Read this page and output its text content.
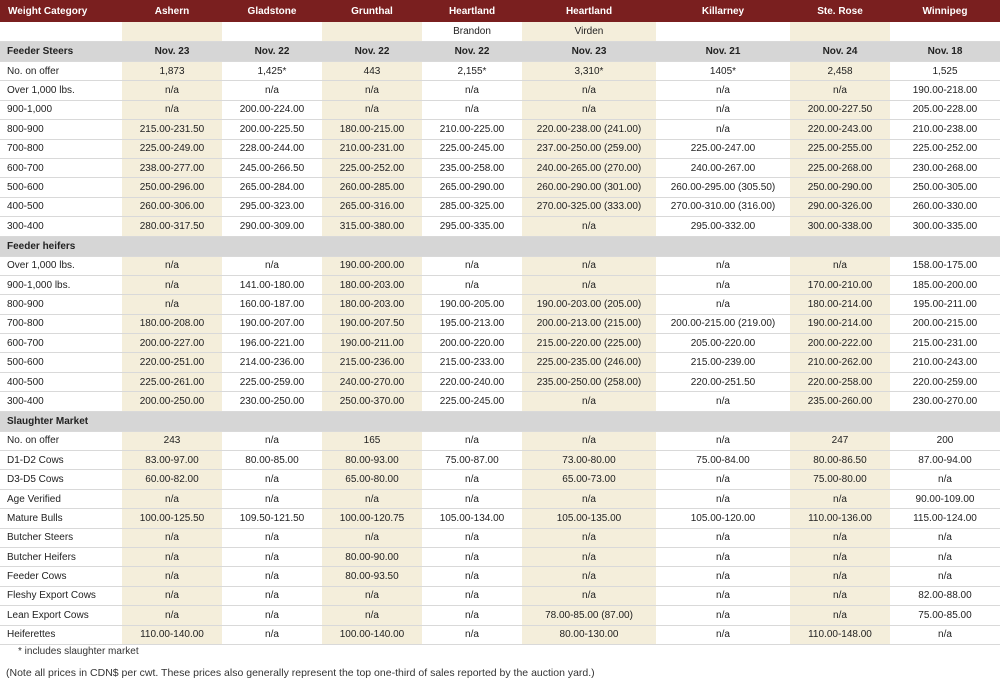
Weight Category	Ashern	Gladstone	Grunthal	Heartland	Heartland	Killarney	Ste. Rose	Winnipeg
				Brandon	Virden			
Feeder Steers	Nov. 23	Nov. 22	Nov. 22	Nov. 22	Nov. 23	Nov. 21	Nov. 24	Nov. 18
No. on offer	1,873	1,425*	443	2,155*	3,310*	1405*	2,458	1,525
Over 1,000 lbs.	n/a	n/a	n/a	n/a	n/a	n/a	n/a	190.00-218.00
900-1,000	n/a	200.00-224.00	n/a	n/a	n/a	n/a	200.00-227.50	205.00-228.00
800-900	215.00-231.50	200.00-225.50	180.00-215.00	210.00-225.00	220.00-238.00 (241.00)	n/a	220.00-243.00	210.00-238.00
700-800	225.00-249.00	228.00-244.00	210.00-231.00	225.00-245.00	237.00-250.00 (259.00)	225.00-247.00	225.00-255.00	225.00-252.00
600-700	238.00-277.00	245.00-266.50	225.00-252.00	235.00-258.00	240.00-265.00 (270.00)	240.00-267.00	225.00-268.00	230.00-268.00
500-600	250.00-296.00	265.00-284.00	260.00-285.00	265.00-290.00	260.00-290.00 (301.00)	260.00-295.00 (305.50)	250.00-290.00	250.00-305.00
400-500	260.00-306.00	295.00-323.00	265.00-316.00	285.00-325.00	270.00-325.00 (333.00)	270.00-310.00 (316.00)	290.00-326.00	260.00-330.00
300-400	280.00-317.50	290.00-309.00	315.00-380.00	295.00-335.00	n/a	295.00-332.00	300.00-338.00	300.00-335.00
Feeder heifers								
Over 1,000 lbs.	n/a	n/a	190.00-200.00	n/a	n/a	n/a	n/a	158.00-175.00
900-1,000 lbs.	n/a	141.00-180.00	180.00-203.00	n/a	n/a	n/a	170.00-210.00	185.00-200.00
800-900	n/a	160.00-187.00	180.00-203.00	190.00-205.00	190.00-203.00 (205.00)	n/a	180.00-214.00	195.00-211.00
700-800	180.00-208.00	190.00-207.00	190.00-207.50	195.00-213.00	200.00-213.00 (215.00)	200.00-215.00 (219.00)	190.00-214.00	200.00-215.00
600-700	200.00-227.00	196.00-221.00	190.00-211.00	200.00-220.00	215.00-220.00 (225.00)	205.00-220.00	200.00-222.00	215.00-231.00
500-600	220.00-251.00	214.00-236.00	215.00-236.00	215.00-233.00	225.00-235.00 (246.00)	215.00-239.00	210.00-262.00	210.00-243.00
400-500	225.00-261.00	225.00-259.00	240.00-270.00	220.00-240.00	235.00-250.00 (258.00)	220.00-251.50	220.00-258.00	220.00-259.00
300-400	200.00-250.00	230.00-250.00	250.00-370.00	225.00-245.00	n/a	n/a	235.00-260.00	230.00-270.00
Slaughter Market								
No. on offer	243	n/a	165	n/a	n/a	n/a	247	200
D1-D2 Cows	83.00-97.00	80.00-85.00	80.00-93.00	75.00-87.00	73.00-80.00	75.00-84.00	80.00-86.50	87.00-94.00
D3-D5 Cows	60.00-82.00	n/a	65.00-80.00	n/a	65.00-73.00	n/a	75.00-80.00	n/a
Age Verified	n/a	n/a	n/a	n/a	n/a	n/a	n/a	90.00-109.00
Mature Bulls	100.00-125.50	109.50-121.50	100.00-120.75	105.00-134.00	105.00-135.00	105.00-120.00	110.00-136.00	115.00-124.00
Butcher Steers	n/a	n/a	n/a	n/a	n/a	n/a	n/a	n/a
Butcher Heifers	n/a	n/a	80.00-90.00	n/a	n/a	n/a	n/a	n/a
Feeder Cows	n/a	n/a	80.00-93.50	n/a	n/a	n/a	n/a	n/a
Fleshy Export Cows	n/a	n/a	n/a	n/a	n/a	n/a	n/a	82.00-88.00
Lean Export Cows	n/a	n/a	n/a	n/a	78.00-85.00 (87.00)	n/a	n/a	75.00-85.00
Heiferettes	110.00-140.00	n/a	100.00-140.00	n/a	80.00-130.00	n/a	110.00-148.00	n/a
* includes slaughter market
(Note all prices in CDN$ per cwt. These prices also generally represent the top one-third of sales reported by the auction yard.)
